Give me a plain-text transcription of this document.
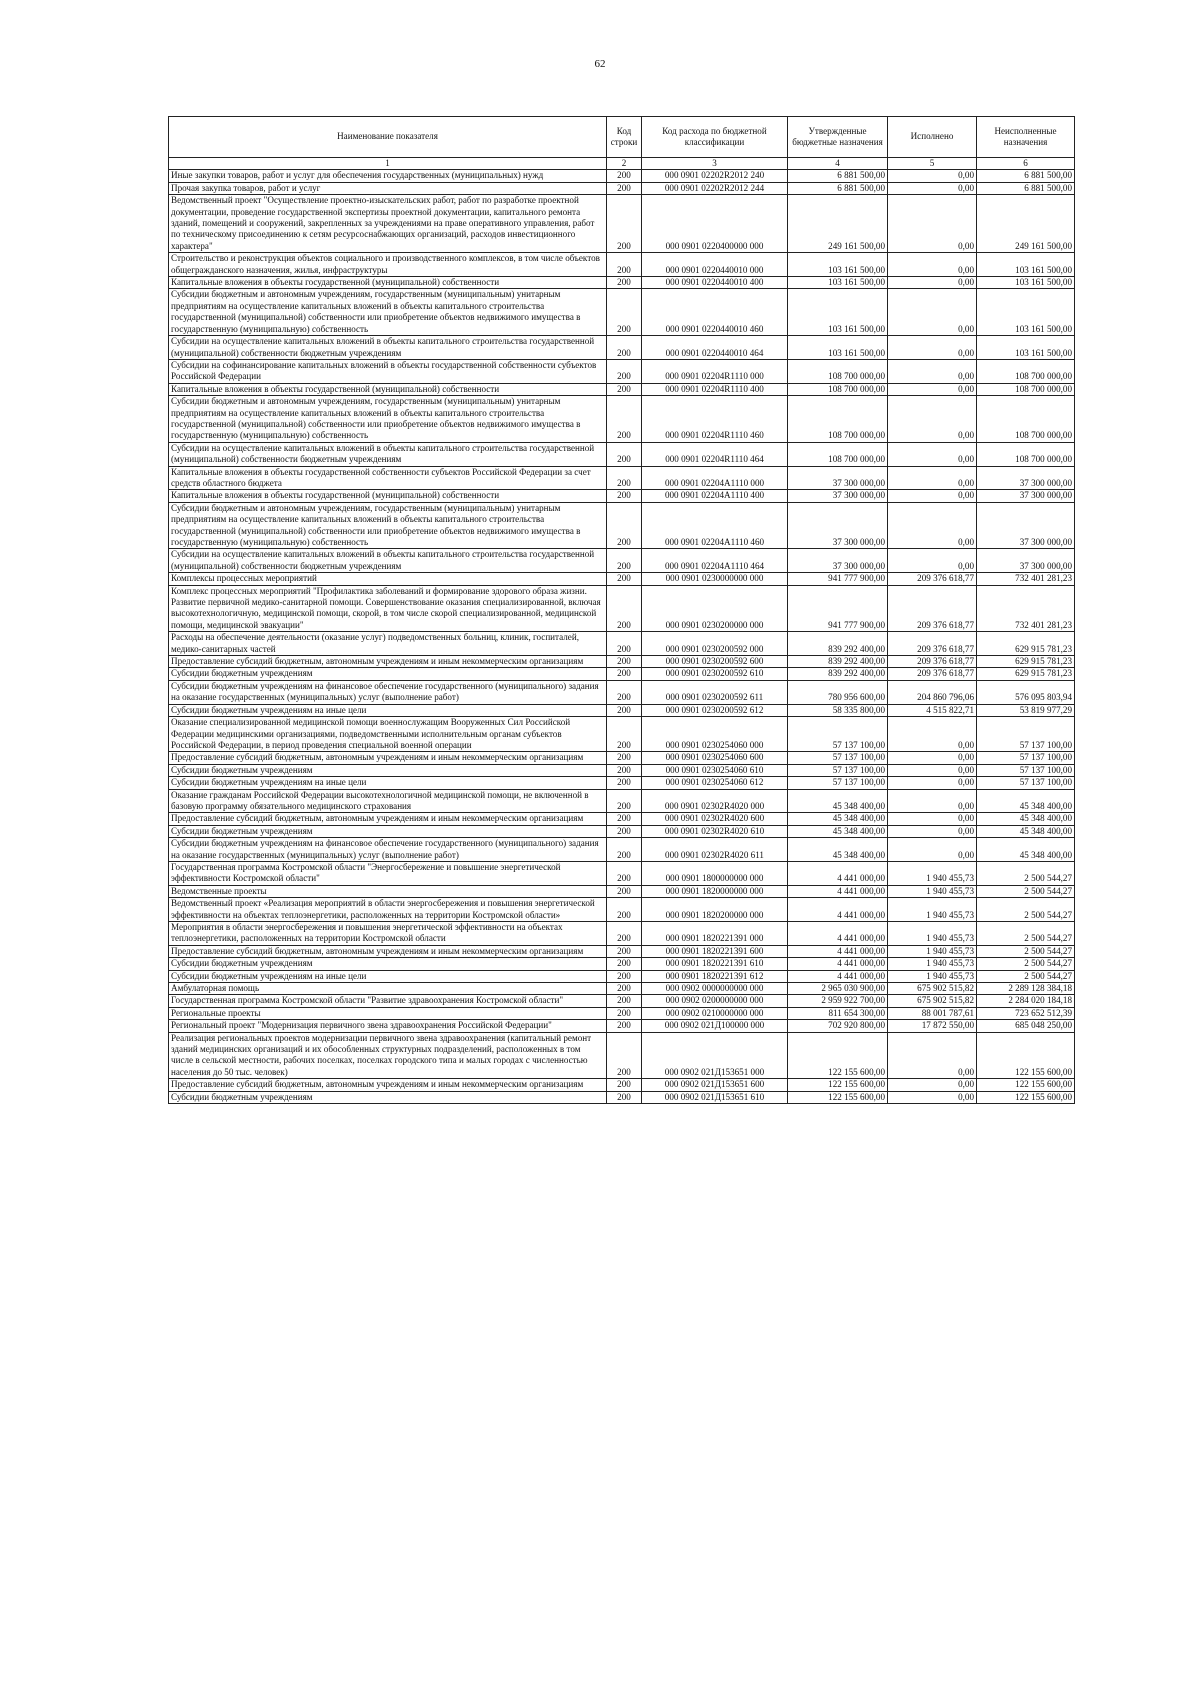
62
Наименование показателя	Код строки	Код расхода по бюджетной классификации	Утвержденные бюджетные назначения	Исполнено	Неисполненные назначения
1	2	3	4	5	6
Иные закупки товаров, работ и услуг для обеспечения государственных (муниципальных) нужд	200	000 0901 02202R2012 240	6 881 500,00	0,00	6 881 500,00
Прочая закупка товаров, работ и услуг	200	000 0901 02202R2012 244	6 881 500,00	0,00	6 881 500,00
Ведомственный проект "Осуществление проектно-изыскательских работ, работ по разработке проектной документации, проведение государственной экспертизы проектной документации, капитального ремонта зданий, помещений и сооружений, закрепленных за учреждениями на праве оперативного управления, работ по техническому присоединению к сетям ресурсоснабжающих организаций, расходов инвестиционного характера"	200	000 0901 0220400000 000	249 161 500,00	0,00	249 161 500,00
Строительство и реконструкция объектов социального и производственного комплексов, в том числе объектов общегражданского назначения, жилья, инфраструктуры	200	000 0901 0220440010 000	103 161 500,00	0,00	103 161 500,00
Капитальные вложения в объекты государственной (муниципальной) собственности	200	000 0901 0220440010 400	103 161 500,00	0,00	103 161 500,00
Субсидии бюджетным и автономным учреждениям, государственным (муниципальным) унитарным предприятиям на осуществление капитальных вложений в объекты капитального строительства государственной (муниципальной) собственности или приобретение объектов недвижимого имущества в государственную (муниципальную) собственность	200	000 0901 0220440010 460	103 161 500,00	0,00	103 161 500,00
Субсидии на осуществление капитальных вложений в объекты капитального строительства государственной (муниципальной) собственности бюджетным учреждениям	200	000 0901 0220440010 464	103 161 500,00	0,00	103 161 500,00
Субсидии на софинансирование капитальных вложений в объекты государственной собственности субъектов Российской Федерации	200	000 0901 02204R1110 000	108 700 000,00	0,00	108 700 000,00
Капитальные вложения в объекты государственной (муниципальной) собственности	200	000 0901 02204R1110 400	108 700 000,00	0,00	108 700 000,00
Субсидии бюджетным и автономным учреждениям, государственным (муниципальным) унитарным предприятиям на осуществление капитальных вложений в объекты капитального строительства государственной (муниципальной) собственности или приобретение объектов недвижимого имущества в государственную (муниципальную) собственность	200	000 0901 02204R1110 460	108 700 000,00	0,00	108 700 000,00
Субсидии на осуществление капитальных вложений в объекты капитального строительства государственной (муниципальной) собственности бюджетным учреждениям	200	000 0901 02204R1110 464	108 700 000,00	0,00	108 700 000,00
Капитальные вложения в объекты государственной собственности субъектов Российской Федерации за счет средств областного бюджета	200	000 0901 02204A1110 000	37 300 000,00	0,00	37 300 000,00
Капитальные вложения в объекты государственной (муниципальной) собственности	200	000 0901 02204A1110 400	37 300 000,00	0,00	37 300 000,00
Субсидии бюджетным и автономным учреждениям, государственным (муниципальным) унитарным предприятиям на осуществление капитальных вложений в объекты капитального строительства государственной (муниципальной) собственности или приобретение объектов недвижимого имущества в государственную (муниципальную) собственность	200	000 0901 02204A1110 460	37 300 000,00	0,00	37 300 000,00
Субсидии на осуществление капитальных вложений в объекты капитального строительства государственной (муниципальной) собственности бюджетным учреждениям	200	000 0901 02204A1110 464	37 300 000,00	0,00	37 300 000,00
Комплексы процессных мероприятий	200	000 0901 0230000000 000	941 777 900,00	209 376 618,77	732 401 281,23
Комплекс процессных мероприятий "Профилактика заболеваний и формирование здорового образа жизни. Развитие первичной медико-санитарной помощи. Совершенствование оказания специализированной, включая высокотехнологичную, медицинской помощи, скорой, в том числе скорой специализированной, медицинской помощи, медицинской эвакуации"	200	000 0901 0230200000 000	941 777 900,00	209 376 618,77	732 401 281,23
Расходы на обеспечение деятельности (оказание услуг) подведомственных больниц, клиник, госпиталей, медико-санитарных частей	200	000 0901 0230200592 000	839 292 400,00	209 376 618,77	629 915 781,23
Предоставление субсидий бюджетным, автономным учреждениям и иным некоммерческим организациям	200	000 0901 0230200592 600	839 292 400,00	209 376 618,77	629 915 781,23
Субсидии бюджетным учреждениям	200	000 0901 0230200592 610	839 292 400,00	209 376 618,77	629 915 781,23
Субсидии бюджетным учреждениям на финансовое обеспечение государственного (муниципального) задания на оказание государственных (муниципальных) услуг (выполнение работ)	200	000 0901 0230200592 611	780 956 600,00	204 860 796,06	576 095 803,94
Субсидии бюджетным учреждениям на иные цели	200	000 0901 0230200592 612	58 335 800,00	4 515 822,71	53 819 977,29
Оказание специализированной медицинской помощи военнослужащим Вооруженных Сил Российской Федерации медицинскими организациями, подведомственными исполнительным органам субъектов Российской Федерации, в период проведения специальной военной операции	200	000 0901 0230254060 000	57 137 100,00	0,00	57 137 100,00
Предоставление субсидий бюджетным, автономным учреждениям и иным некоммерческим организациям	200	000 0901 0230254060 600	57 137 100,00	0,00	57 137 100,00
Субсидии бюджетным учреждениям	200	000 0901 0230254060 610	57 137 100,00	0,00	57 137 100,00
Субсидии бюджетным учреждениям на иные цели	200	000 0901 0230254060 612	57 137 100,00	0,00	57 137 100,00
Оказание гражданам Российской Федерации высокотехнологичной медицинской помощи, не включенной в базовую программу обязательного медицинского страхования	200	000 0901 02302R4020 000	45 348 400,00	0,00	45 348 400,00
Предоставление субсидий бюджетным, автономным учреждениям и иным некоммерческим организациям	200	000 0901 02302R4020 600	45 348 400,00	0,00	45 348 400,00
Субсидии бюджетным учреждениям	200	000 0901 02302R4020 610	45 348 400,00	0,00	45 348 400,00
Субсидии бюджетным учреждениям на финансовое обеспечение государственного (муниципального) задания на оказание государственных (муниципальных) услуг (выполнение работ)	200	000 0901 02302R4020 611	45 348 400,00	0,00	45 348 400,00
Государственная программа Костромской области "Энергосбережение и повышение энергетической эффективности Костромской области"	200	000 0901 1800000000 000	4 441 000,00	1 940 455,73	2 500 544,27
Ведомственные проекты	200	000 0901 1820000000 000	4 441 000,00	1 940 455,73	2 500 544,27
Ведомственный проект «Реализация мероприятий в области энергосбережения и повышения энергетической эффективности на объектах теплоэнергетики, расположенных на территории Костромской области»	200	000 0901 1820200000 000	4 441 000,00	1 940 455,73	2 500 544,27
Мероприятия в области энергосбережения и повышения энергетической эффективности на объектах теплоэнергетики, расположенных на территории Костромской области	200	000 0901 1820221391 000	4 441 000,00	1 940 455,73	2 500 544,27
Предоставление субсидий бюджетным, автономным учреждениям и иным некоммерческим организациям	200	000 0901 1820221391 600	4 441 000,00	1 940 455,73	2 500 544,27
Субсидии бюджетным учреждениям	200	000 0901 1820221391 610	4 441 000,00	1 940 455,73	2 500 544,27
Субсидии бюджетным учреждениям на иные цели	200	000 0901 1820221391 612	4 441 000,00	1 940 455,73	2 500 544,27
Амбулаторная помощь	200	000 0902 0000000000 000	2 965 030 900,00	675 902 515,82	2 289 128 384,18
Государственная программа Костромской области "Развитие здравоохранения Костромской области"	200	000 0902 0200000000 000	2 959 922 700,00	675 902 515,82	2 284 020 184,18
Региональные проекты	200	000 0902 0210000000 000	811 654 300,00	88 001 787,61	723 652 512,39
Региональный проект "Модернизация первичного звена здравоохранения Российской Федерации"	200	000 0902 021Д100000 000	702 920 800,00	17 872 550,00	685 048 250,00
Реализация региональных проектов модернизации первичного звена здравоохранения (капитальный ремонт зданий медицинских организаций и их обособленных структурных подразделений, расположенных в том числе в сельской местности, рабочих поселках, поселках городского типа и малых городах с численностью населения до 50 тыс. человек)	200	000 0902 021Д153651 000	122 155 600,00	0,00	122 155 600,00
Предоставление субсидий бюджетным, автономным учреждениям и иным некоммерческим организациям	200	000 0902 021Д153651 600	122 155 600,00	0,00	122 155 600,00
Субсидии бюджетным учреждениям	200	000 0902 021Д153651 610	122 155 600,00	0,00	122 155 600,00
